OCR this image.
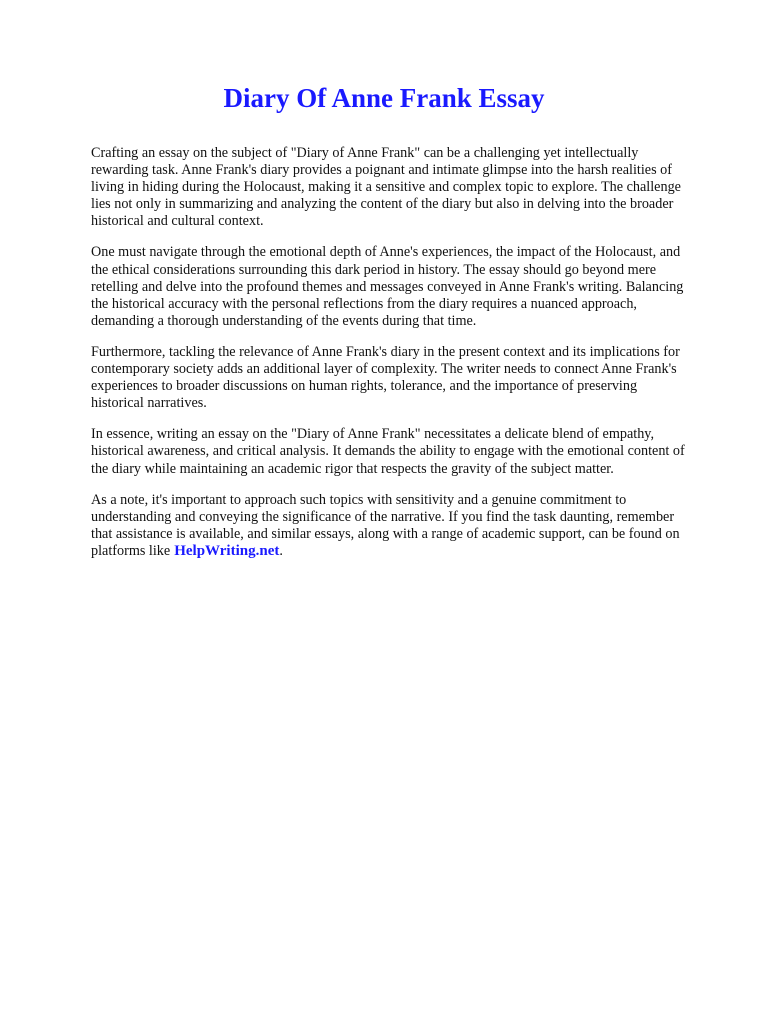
Diary Of Anne Frank Essay

Crafting an essay on the subject of "Diary of Anne Frank" can be a challenging yet intellectually rewarding task. Anne Frank's diary provides a poignant and intimate glimpse into the harsh realities of living in hiding during the Holocaust, making it a sensitive and complex topic to explore. The challenge lies not only in summarizing and analyzing the content of the diary but also in delving into the broader historical and cultural context.

One must navigate through the emotional depth of Anne's experiences, the impact of the Holocaust, and the ethical considerations surrounding this dark period in history. The essay should go beyond mere retelling and delve into the profound themes and messages conveyed in Anne Frank's writing. Balancing the historical accuracy with the personal reflections from the diary requires a nuanced approach, demanding a thorough understanding of the events during that time.

Furthermore, tackling the relevance of Anne Frank's diary in the present context and its implications for contemporary society adds an additional layer of complexity. The writer needs to connect Anne Frank's experiences to broader discussions on human rights, tolerance, and the importance of preserving historical narratives.

In essence, writing an essay on the "Diary of Anne Frank" necessitates a delicate blend of empathy, historical awareness, and critical analysis. It demands the ability to engage with the emotional content of the diary while maintaining an academic rigor that respects the gravity of the subject matter.

As a note, it's important to approach such topics with sensitivity and a genuine commitment to understanding and conveying the significance of the narrative. If you find the task daunting, remember that assistance is available, and similar essays, along with a range of academic support, can be found on platforms like HelpWriting.net.
